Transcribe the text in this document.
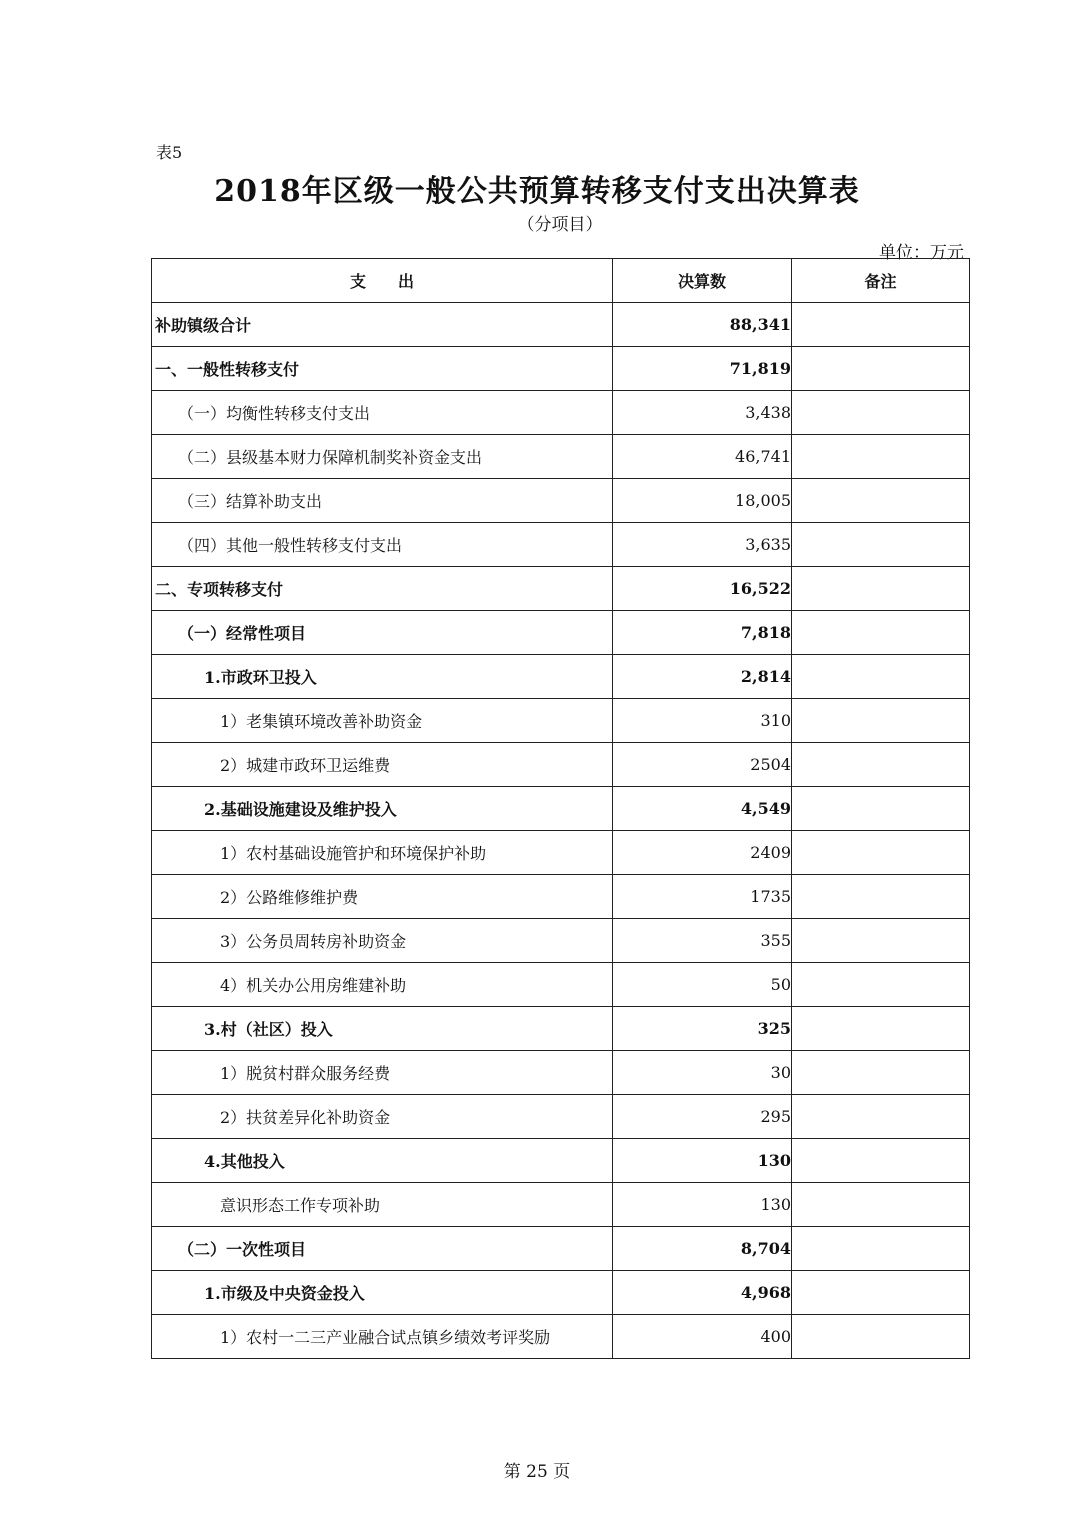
表5
2018年区级一般公共预算转移支付支出决算表
（分项目）
单位：万元
支　　出	决算数	备注
补助镇级合计	88,341	
一、一般性转移支付	71,819	
（一）均衡性转移支付支出	3,438	
（二）县级基本财力保障机制奖补资金支出	46,741	
（三）结算补助支出	18,005	
（四）其他一般性转移支付支出	3,635	
二、专项转移支付	16,522	
（一）经常性项目	7,818	
1.市政环卫投入	2,814	
1）老集镇环境改善补助资金	310	
2）城建市政环卫运维费	2504	
2.基础设施建设及维护投入	4,549	
1）农村基础设施管护和环境保护补助	2409	
2）公路维修维护费	1735	
3）公务员周转房补助资金	355	
4）机关办公用房维建补助	50	
3.村（社区）投入	325	
1）脱贫村群众服务经费	30	
2）扶贫差异化补助资金	295	
4.其他投入	130	
意识形态工作专项补助	130	
（二）一次性项目	8,704	
1.市级及中央资金投入	4,968	
1）农村一二三产业融合试点镇乡绩效考评奖励	400	
第 25 页
